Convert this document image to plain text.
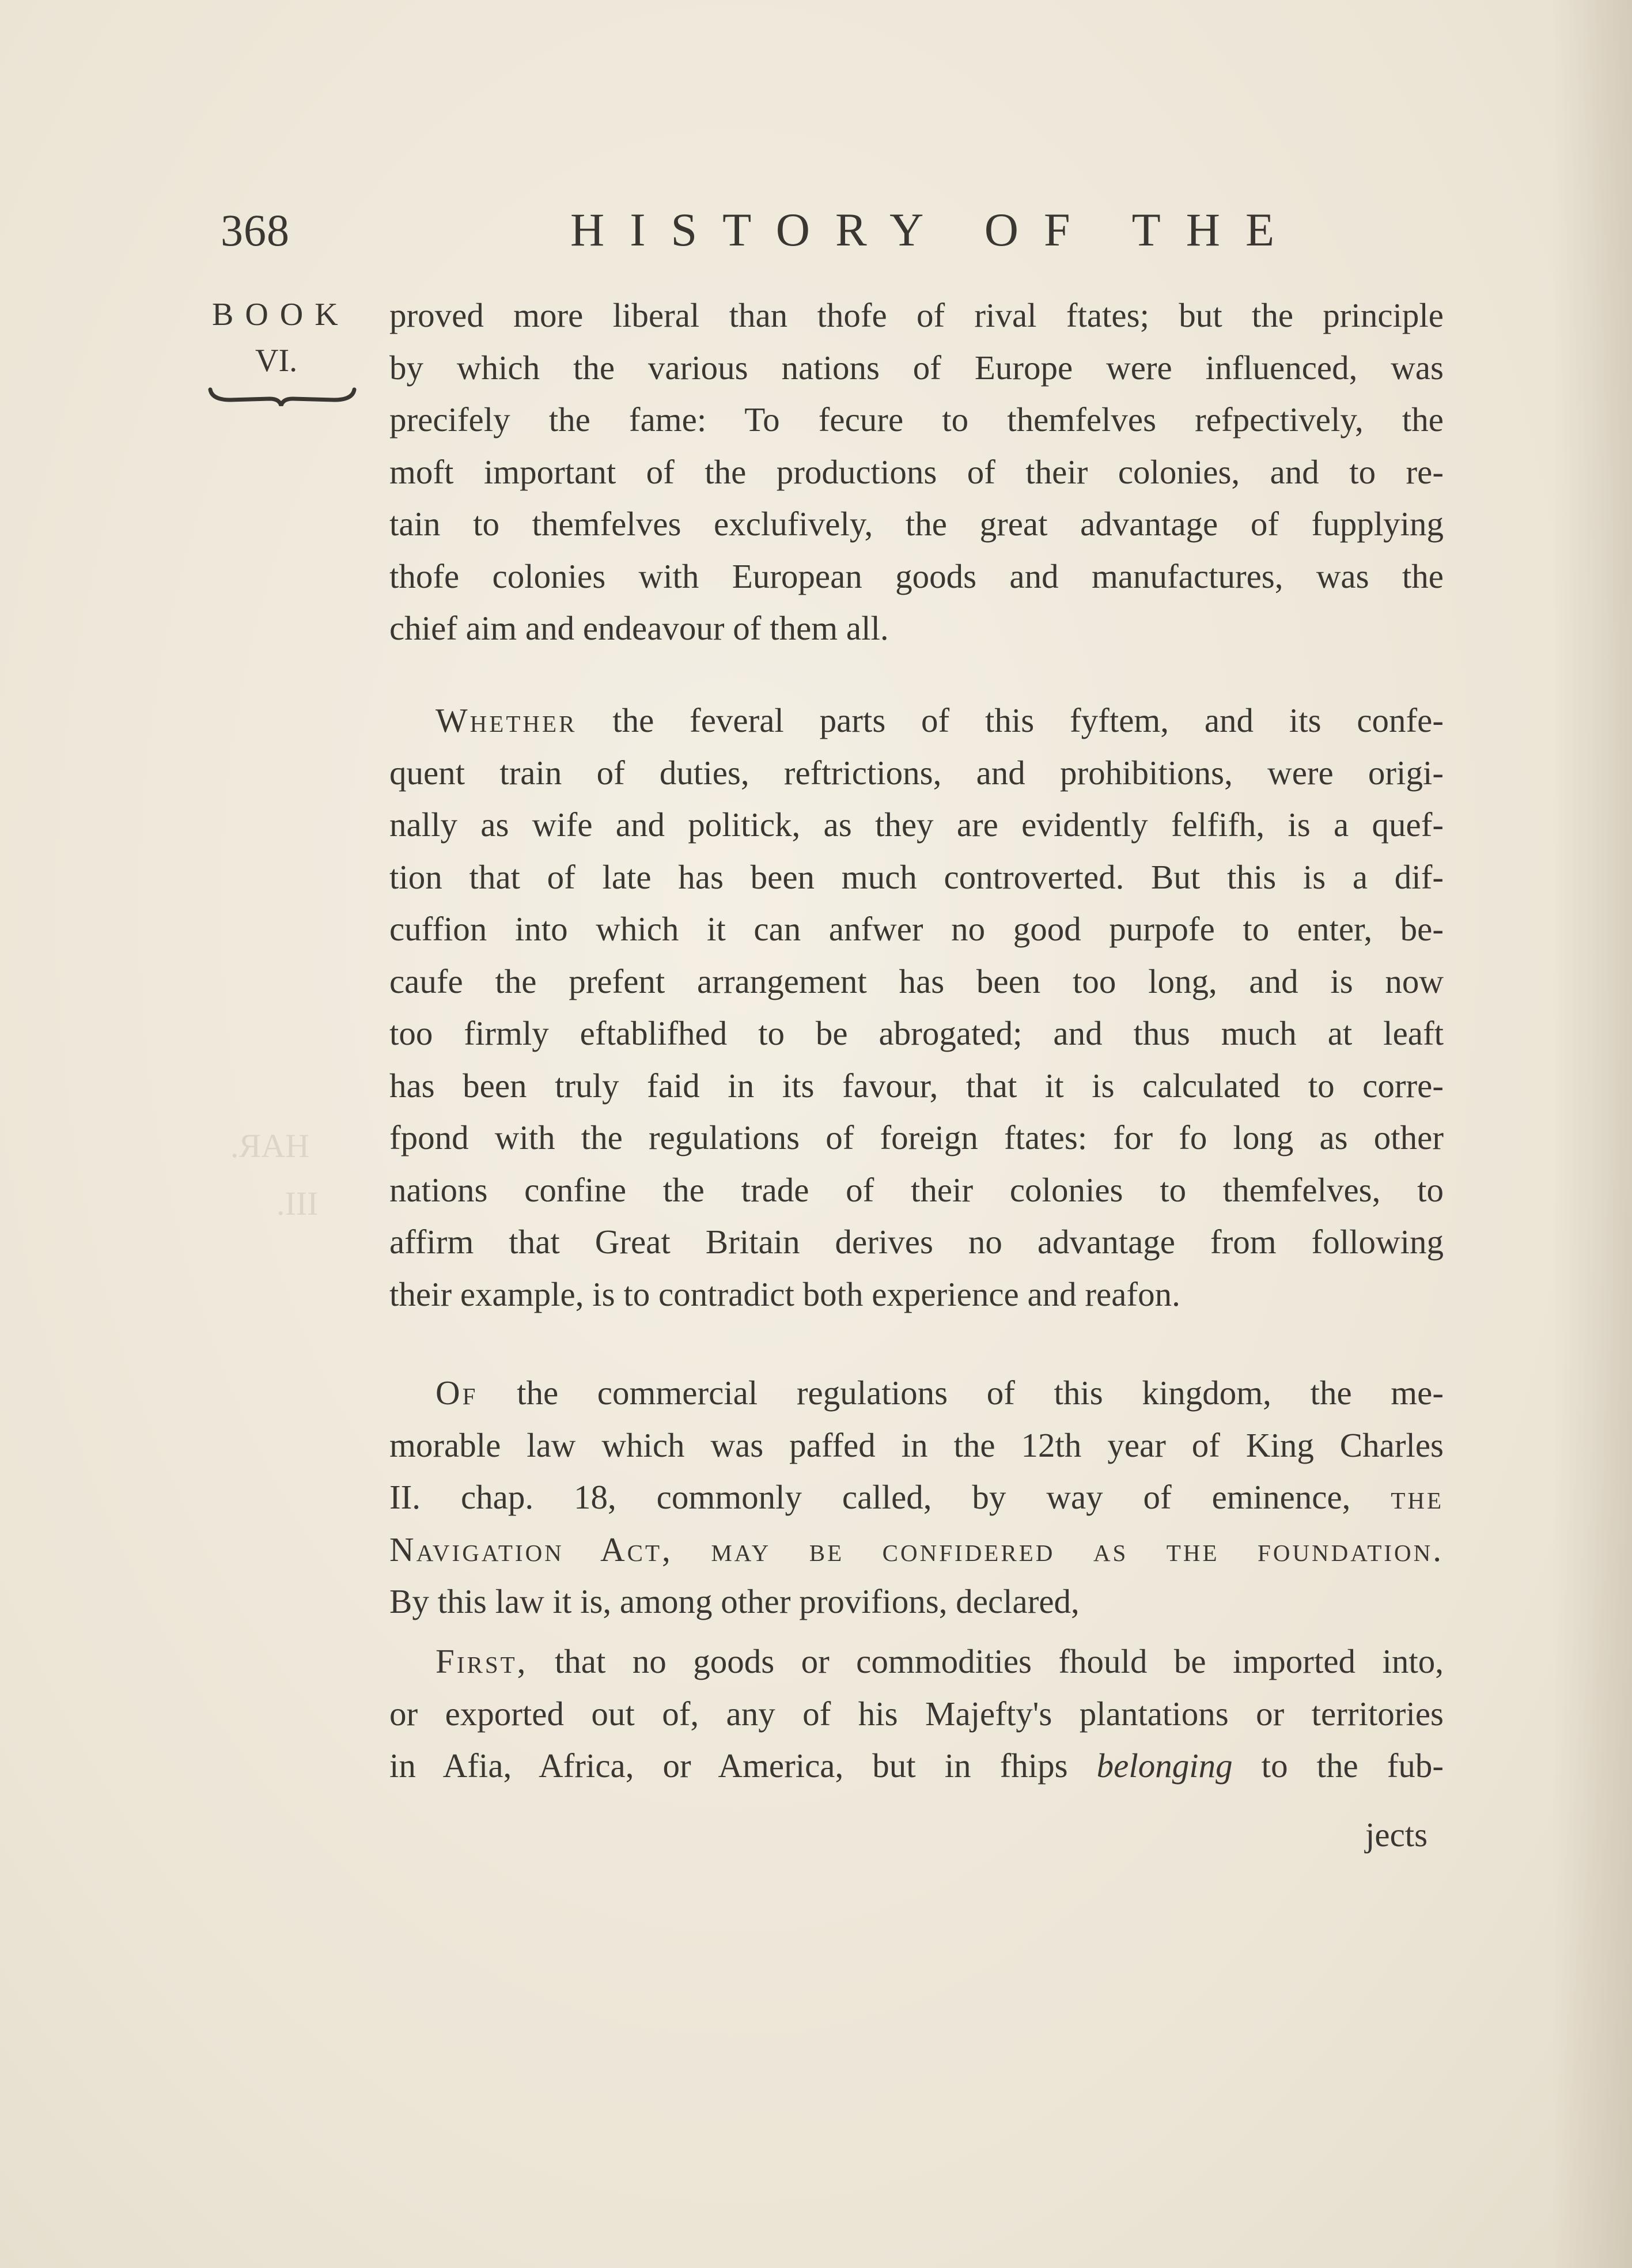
.ЯАН
.III
368	HISTORY OF THE
BOOK
VI.
proved more liberal than thofe of rival ftates; but the principle
by which the various nations of Europe were influenced, was
precifely the fame: To fecure to themfelves refpectively, the
moft important of the productions of their colonies, and to re-
tain to themfelves exclufively, the great advantage of fupplying
thofe colonies with European goods and manufactures, was the
chief aim and endeavour of them all.
Whether the feveral parts of this fyftem, and its confe-
quent train of duties, reftrictions, and prohibitions, were origi-
nally as wife and politick, as they are evidently felfifh, is a quef-
tion that of late has been much controverted. But this is a dif-
cuffion into which it can anfwer no good purpofe to enter, be-
caufe the prefent arrangement has been too long, and is now
too firmly eftablifhed to be abrogated; and thus much at leaft
has been truly faid in its favour, that it is calculated to corre-
fpond with the regulations of foreign ftates: for fo long as other
nations confine the trade of their colonies to themfelves, to
affirm that Great Britain derives no advantage from following
their example, is to contradict both experience and reafon.
Of the commercial regulations of this kingdom, the me-
morable law which was paffed in the 12th year of King Charles
II. chap. 18, commonly called, by way of eminence, the
Navigation Act, may be confidered as the foundation.
By this law it is, among other provifions, declared,
First, that no goods or commodities fhould be imported into,
or exported out of, any of his Majefty's plantations or territories
in Afia, Africa, or America, but in fhips belonging to the fub-
jects
